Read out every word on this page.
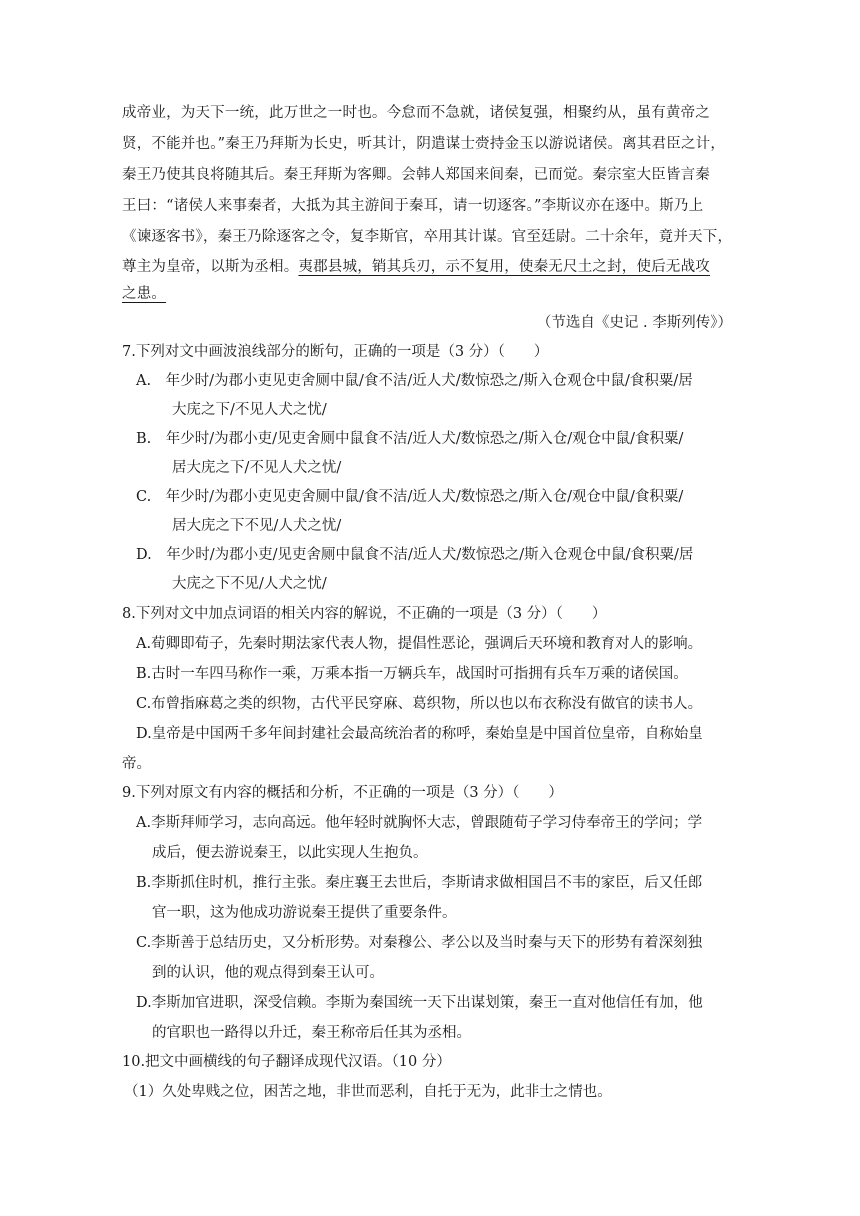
成帝业，为天下一统，此万世之一时也。今怠而不急就，诸侯复强，相聚约从，虽有黄帝之
贤，不能并也。”秦王乃拜斯为长史，听其计，阴遣谋士赍持金玉以游说诸侯。离其君臣之计，
秦王乃使其良将随其后。秦王拜斯为客卿。会韩人郑国来间秦，已而觉。秦宗室大臣皆言秦
王曰：“诸侯人来事秦者，大抵为其主游间于秦耳，请一切逐客。”李斯议亦在逐中。斯乃上
《谏逐客书》，秦王乃除逐客之令，复李斯官，卒用其计谋。官至廷尉。二十余年，竟并天下，
尊主为皇帝，以斯为丞相。夷郡县城，销其兵刃，示不复用，使秦无尺土之封，使后无战攻
之患。
（节选自《史记 . 李斯列传》）
7.下列对文中画波浪线部分的断句，正确的一项是（3 分）（　　）
A.　年少时/为郡小吏见吏舍厕中鼠/食不洁/近人犬/数惊恐之/斯入仓观仓中鼠/食积粟/居
大庑之下/不见人犬之忧/
B.　年少时/为郡小吏/见吏舍厕中鼠食不洁/近人犬/数惊恐之/斯入仓/观仓中鼠/食积粟/
居大庑之下/不见人犬之忧/
C.　年少时/为郡小吏见吏舍厕中鼠/食不洁/近人犬/数惊恐之/斯入仓/观仓中鼠/食积粟/
居大庑之下不见/人犬之忧/
D.　年少时/为郡小吏/见吏舍厕中鼠食不洁/近人犬/数惊恐之/斯入仓观仓中鼠/食积粟/居
大庑之下不见/人犬之忧/
8.下列对文中加点词语的相关内容的解说，不正确的一项是（3 分）（　　）
A.荀卿即荀子，先秦时期法家代表人物，提倡性恶论，强调后天环境和教育对人的影响。
B.古时一车四马称作一乘，万乘本指一万辆兵车，战国时可指拥有兵车万乘的诸侯国。
C.布曾指麻葛之类的织物，古代平民穿麻、葛织物，所以也以布衣称没有做官的读书人。
D.皇帝是中国两千多年间封建社会最高统治者的称呼，秦始皇是中国首位皇帝，自称始皇
帝。
9.下列对原文有内容的概括和分析，不正确的一项是（3 分）（　　）
A.李斯拜师学习，志向高远。他年轻时就胸怀大志，曾跟随荀子学习侍奉帝王的学问；学
成后，便去游说秦王，以此实现人生抱负。
B.李斯抓住时机，推行主张。秦庄襄王去世后，李斯请求做相国吕不韦的家臣，后又任郎
官一职，这为他成功游说秦王提供了重要条件。
C.李斯善于总结历史，又分析形势。对秦穆公、孝公以及当时秦与天下的形势有着深刻独
到的认识，他的观点得到秦王认可。
D.李斯加官进职，深受信赖。李斯为秦国统一天下出谋划策，秦王一直对他信任有加，他
的官职也一路得以升迁，秦王称帝后任其为丞相。
10.把文中画横线的句子翻译成现代汉语。（10 分）
（1）久处卑贱之位，困苦之地，非世而恶利，自托于无为，此非士之情也。
